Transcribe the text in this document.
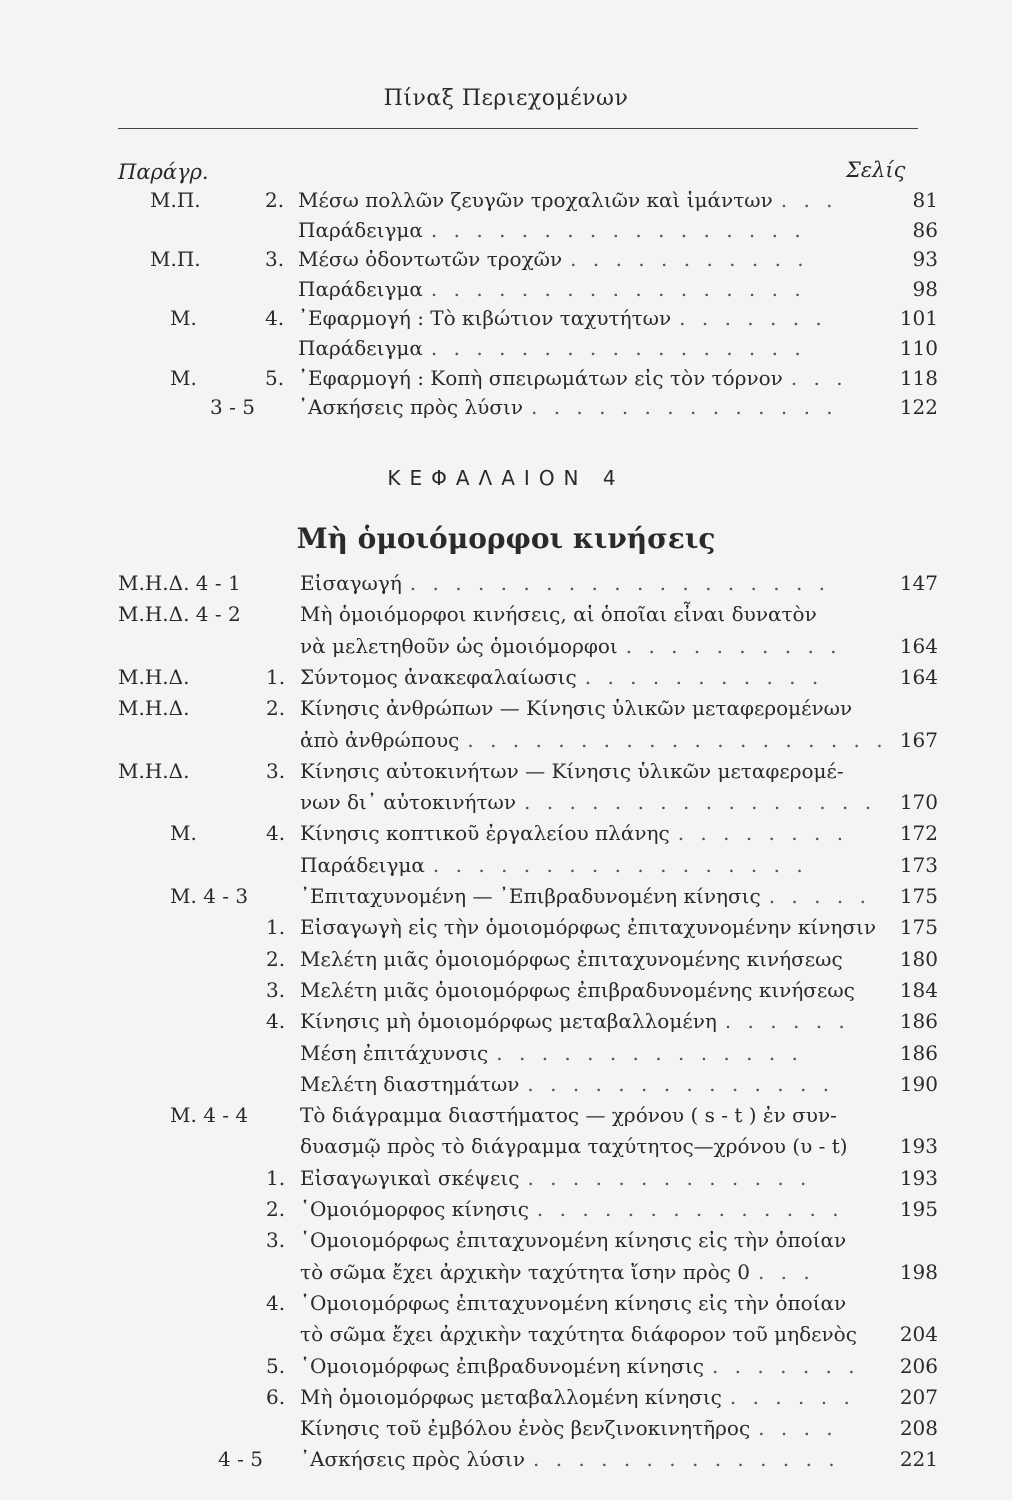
Πίναξ Περιεχομένων
Παράγρ.	Σελίς
Μ.Π.	2. Μέσω πολλῶν ζευγῶν τροχαλιῶν καὶ ἱμάντων . . .	81
Παράδειγμα . . . . . . . . . . . . . . . . .	86
Μ.Π.	3. Μέσω ὀδοντωτῶν τροχῶν . . . . . . . . . . .	93
Παράδειγμα . . . . . . . . . . . . . . . . .	98
Μ.	4. ᾿Εφαρμογή : Τὸ κιβώτιον ταχυτήτων . . . . . . .	101
Παράδειγμα . . . . . . . . . . . . . . . . .	110
Μ.	5. ᾿Εφαρμογή : Κοπὴ σπειρωμάτων εἰς τὸν τόρνον . . .	118
3 - 5 ᾿Ασκήσεις πρὸς λύσιν . . . . . . . . . . . . . .	122
ΚΕΦΑΛΑΙΟΝ 4
Μὴ ὁμοιόμορφοι κινήσεις
Μ.Η.Δ. 4 - 1	Εἰσαγωγή . . . . . . . . . . . . . . . . . . .	147
Μ.Η.Δ. 4 - 2	Μὴ ὁμοιόμορφοι κινήσεις, αἱ ὁποῖαι εἶναι δυνατὸν
νὰ μελετηθοῦν ὡς ὁμοιόμορφοι . . . . . . . . . .	164
Μ.Η.Δ.	1. Σύντομος ἀνακεφαλαίωσις . . . . . . . . . . .	164
Μ.Η.Δ.	2. Κίνησις ἀνθρώπων — Κίνησις ὑλικῶν μεταφερομένων
ἀπὸ ἀνθρώπους . . . . . . . . . . . . . . . . . . . 167
Μ.Η.Δ.	3. Κίνησις αὐτοκινήτων — Κίνησις ὑλικῶν μεταφερομέ-
νων δι᾿ αὐτοκινήτων . . . . . . . . . . . . . . . .	170
Μ.	4. Κίνησις κοπτικοῦ ἐργαλείου πλάνης . . . . . . . .	172
Παράδειγμα . . . . . . . . . . . . . . . . .	173
Μ. 4 - 3	᾿Επιταχυνομένη — ᾿Επιβραδυνομένη κίνησις . . . . .	175
1. Εἰσαγωγὴ εἰς τὴν ὁμοιομόρφως ἐπιταχυνομένην κίνησιν	175
2. Μελέτη μιᾶς ὁμοιομόρφως ἐπιταχυνομένης κινήσεως	180
3. Μελέτη μιᾶς ὁμοιομόρφως ἐπιβραδυνομένης κινήσεως	184
4. Κίνησις μὴ ὁμοιομόρφως μεταβαλλομένη . . . . . .	186
Μέση ἐπιτάχυνσις . . . . . . . . . . . . . .	186
Μελέτη διαστημάτων . . . . . . . . . . . . . .	190
Μ. 4 - 4	Τὸ διάγραμμα διαστήματος — χρόνου ( s - t ) ἐν συν-
δυασμῷ πρὸς τὸ διάγραμμα ταχύτητος—χρόνου (υ - t)	193
1. Εἰσαγωγικαὶ σκέψεις . . . . . . . . . . . . .	193
2. ῾Ομοιόμορφος κίνησις . . . . . . . . . . . . . .	195
3. ῾Ομοιομόρφως ἐπιταχυνομένη κίνησις εἰς τὴν ὁποίαν
τὸ σῶμα ἔχει ἀρχικὴν ταχύτητα ἴσην πρὸς 0 . . .	198
4. ῾Ομοιομόρφως ἐπιταχυνομένη κίνησις εἰς τὴν ὁποίαν
τὸ σῶμα ἔχει ἀρχικὴν ταχύτητα διάφορον τοῦ μηδενὸς	204
5. ῾Ομοιομόρφως ἐπιβραδυνομένη κίνησις . . . . . . .	206
6. Μὴ ὁμοιομόρφως μεταβαλλομένη κίνησις . . . . . .	207
Κίνησις τοῦ ἐμβόλου ἑνὸς βενζινοκινητῆρος . . . .	208
4 - 5 ᾿Ασκήσεις πρὸς λύσιν . . . . . . . . . . . . . .	221
